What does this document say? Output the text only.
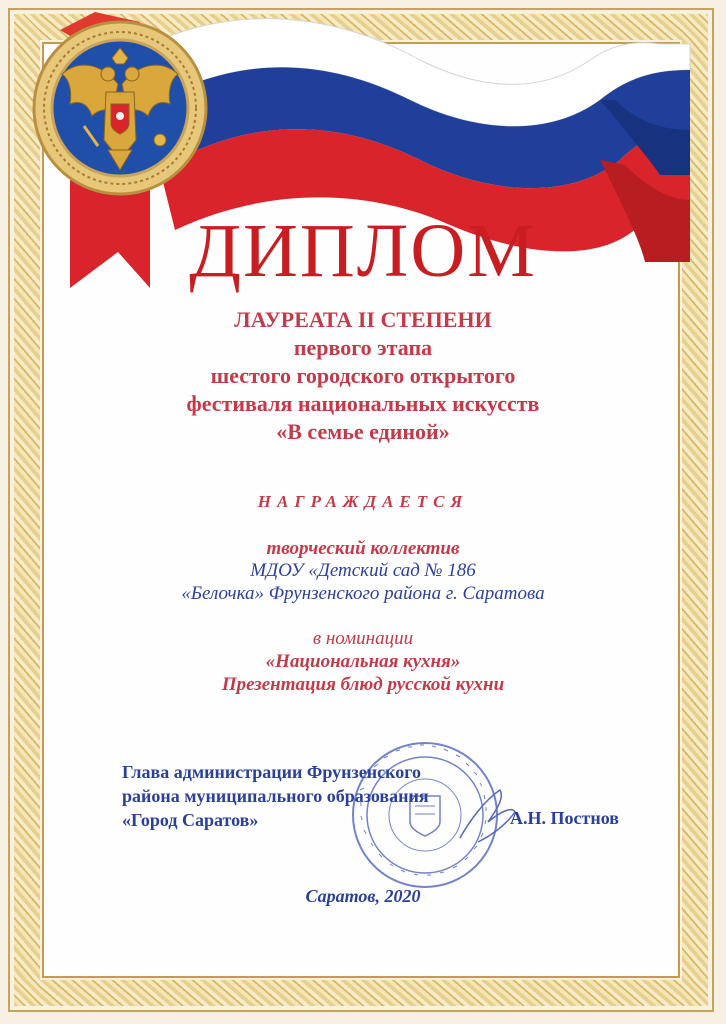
ДИПЛОМ
ЛАУРЕАТА II СТЕПЕНИ
первого этапа
шестого городского открытого
фестиваля национальных искусств
«В семье единой»
НАГРАЖДАЕТСЯ
творческий коллектив
МДОУ «Детский сад № 186
«Белочка» Фрунзенского района г. Саратова
в номинации
«Национальная кухня»
Презентация блюд русской кухни
Глава администрации Фрунзенского
района муниципального образования
«Город Саратов»	А.Н. Постнов
Саратов, 2020
